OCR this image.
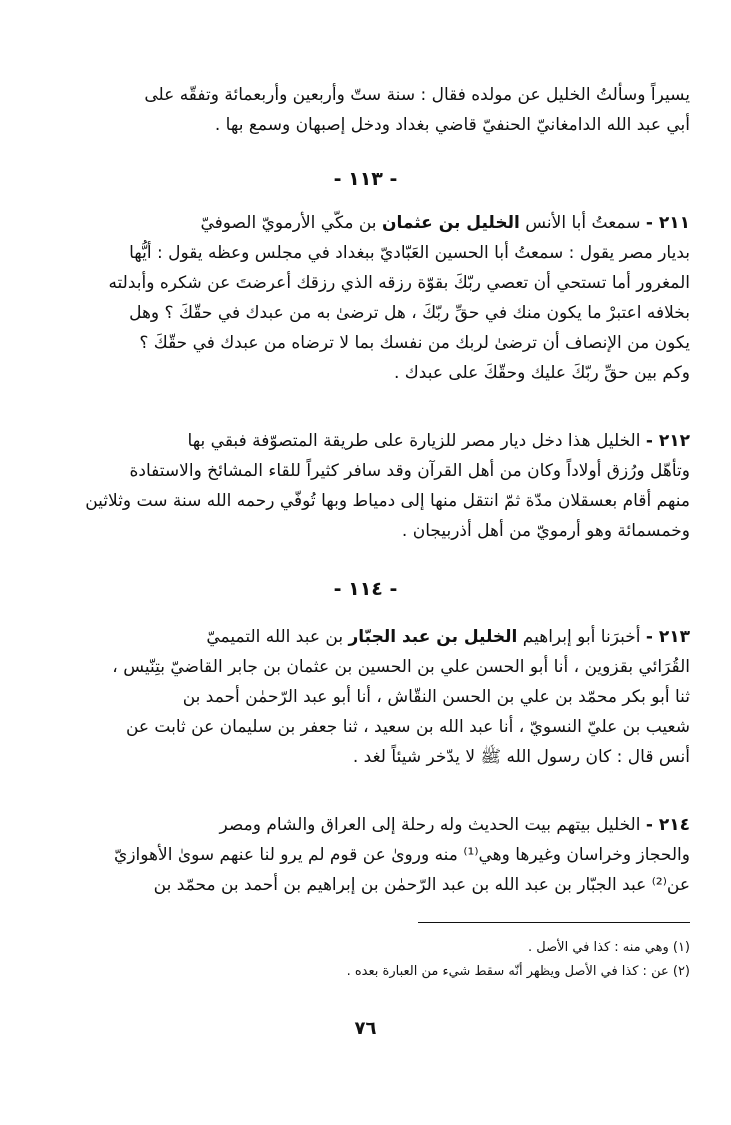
يسيراً وسألتُ الخليل عن مولده فقال : سنة ستّ وأربعين وأربعمائة وتفقّه على
أبي عبد الله الدامغانيّ الحنفيّ قاضي بغداد ودخل إصبهان وسمع بها .
- ١١٣ -
٢١١ - سمعتُ أبا الأنس الخليل بن عثمان بن مكّي الأرمويّ الصوفيّ
بديار مصر يقول : سمعتُ أبا الحسين العَبّاديّ ببغداد في مجلس وعظه يقول : أيُّها
المغرور أما تستحي أن تعصي ربّكَ بقوّة رزقه الذي رزقك أعرضتَ عن شكره وأبدلته
بخلافه اعتبرْ ما يكون منك في حقِّ ربّكَ ، هل ترضىٰ به من عبدك في حقّكَ ؟ وهل
يكون من الإنصاف أن ترضىٰ لربك من نفسك بما لا ترضاه من عبدك في حقّكَ ؟
وكم بين حقِّ ربّكَ عليك وحقّكَ على عبدك .
٢١٢ - الخليل هذا دخل ديار مصر للزيارة على طريقة المتصوّفة فبقي بها
وتأهّل ورُزق أولاداً وكان من أهل القرآن وقد سافر كثيراً للقاء المشائخ والاستفادة
منهم أقام بعسقلان مدّة ثمّ انتقل منها إلى دمياط وبها تُوفّي رحمه الله سنة ست وثلاثين
وخمسمائة وهو أرمويّ من أهل أذربيجان .
- ١١٤ -
٢١٣ - أخبرَنا أبو إبراهيم الخليل بن عبد الجبّار بن عبد الله التميميّ
القُرَائي بقزوين ، أنا أبو الحسن علي بن الحسين بن عثمان بن جابر القاضيّ بتِنّيس ،
ثنا أبو بكر محمّد بن علي بن الحسن النقّاش ، أنا أبو عبد الرّحمٰن أحمد بن
شعيب بن عليّ النسويّ ، أنا عبد الله بن سعيد ، ثنا جعفر بن سليمان عن ثابت عن
أنس قال : كان رسول الله ﷺ لا يدّخر شيئاً لغد .
٢١٤ - الخليل بيتهم بيت الحديث وله رحلة إلى العراق والشام ومصر
والحجاز وخراسان وغيرها وهي⁽¹⁾ منه وروىٰ عن قوم لم يرو لنا عنهم سوىٰ الأهوازيّ
عن⁽²⁾ عبد الجبّار بن عبد الله بن عبد الرّحمٰن بن إبراهيم بن أحمد بن محمّد بن
(١) وهي منه : كذا في الأصل .
(٢) عن : كذا في الأصل ويظهر أنّه سقط شيء من العبارة بعده .
٧٦
